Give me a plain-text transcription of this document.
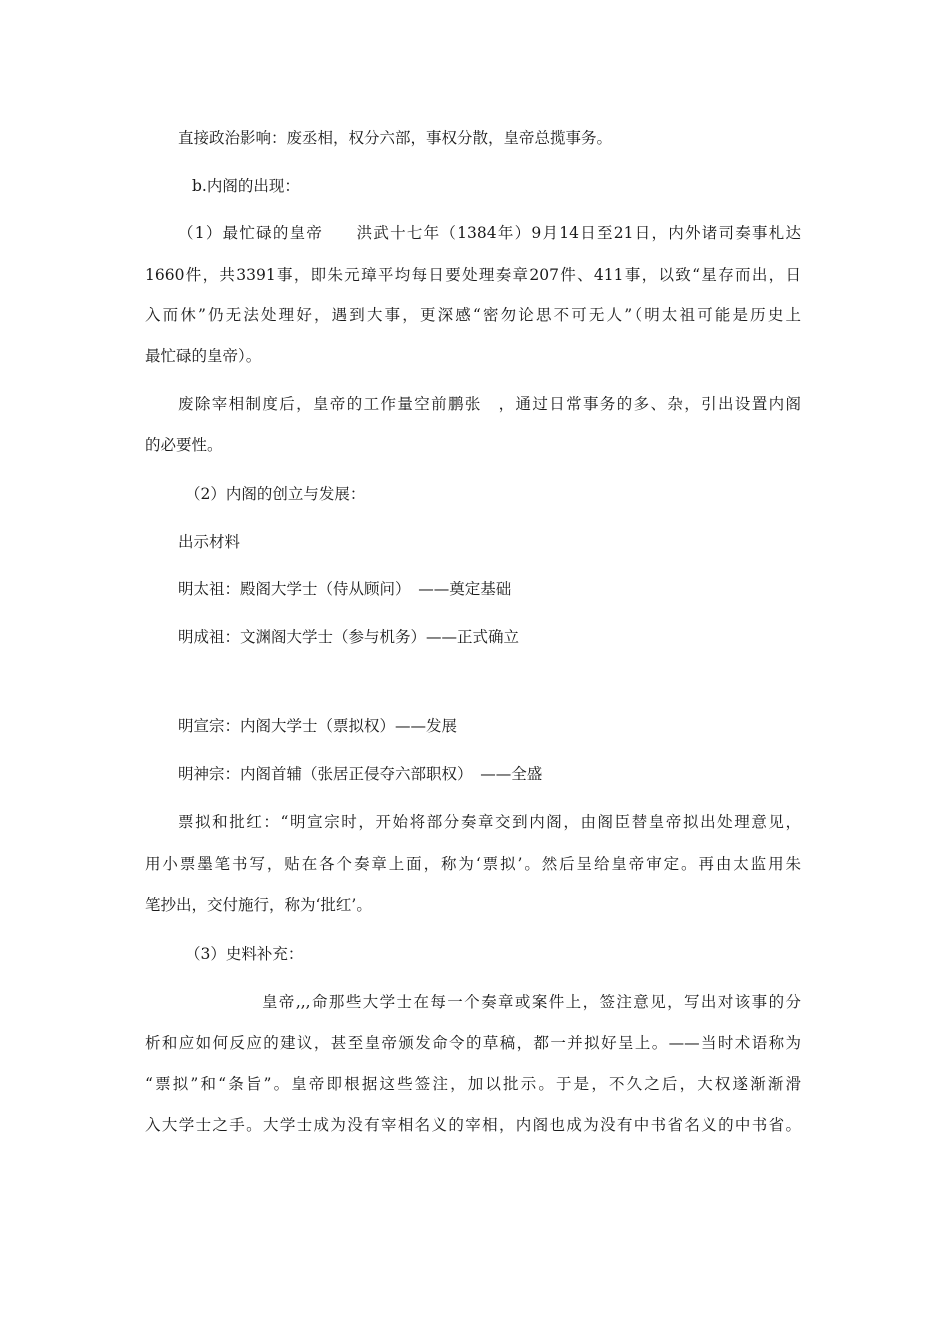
直接政治影响：废丞相，权分六部，事权分散，皇帝总揽事务。

b.内阁的出现：

（1）最忙碌的皇帝　　洪武十七年（1384年）9月14日至21日，内外诸司奏事札达

1660件，共3391事，即朱元璋平均每日要处理奏章207件、411事，以致“星存而出，日

入而休”仍无法处理好，遇到大事，更深感“密勿论思不可无人”（明太祖可能是历史上

最忙碌的皇帝）。

废除宰相制度后，皇帝的工作量空前鹏张　，通过日常事务的多、杂，引出设置内阁

的必要性。

（2）内阁的创立与发展：

出示材料

明太祖：殿阁大学士（侍从顾问）　——奠定基础

明成祖：文渊阁大学士（参与机务）——正式确立

明宣宗：内阁大学士（票拟权）——发展

明神宗：内阁首辅（张居正侵夺六部职权）　——全盛

票拟和批红：“明宣宗时，开始将部分奏章交到内阁，由阁臣替皇帝拟出处理意见，

用小票墨笔书写，贴在各个奏章上面，称为‘票拟’。然后呈给皇帝审定。再由太监用朱

笔抄出，交付施行，称为‘批红’。

（3）史料补充：

皇帝,,,命那些大学士在每一个奏章或案件上，签注意见，写出对该事的分

析和应如何反应的建议，甚至皇帝颁发命令的草稿，都一并拟好呈上。——当时术语称为

“票拟”和“条旨”。皇帝即根据这些签注，加以批示。于是，不久之后，大权遂渐渐滑

入大学士之手。大学士成为没有宰相名义的宰相，内阁也成为没有中书省名义的中书省。
